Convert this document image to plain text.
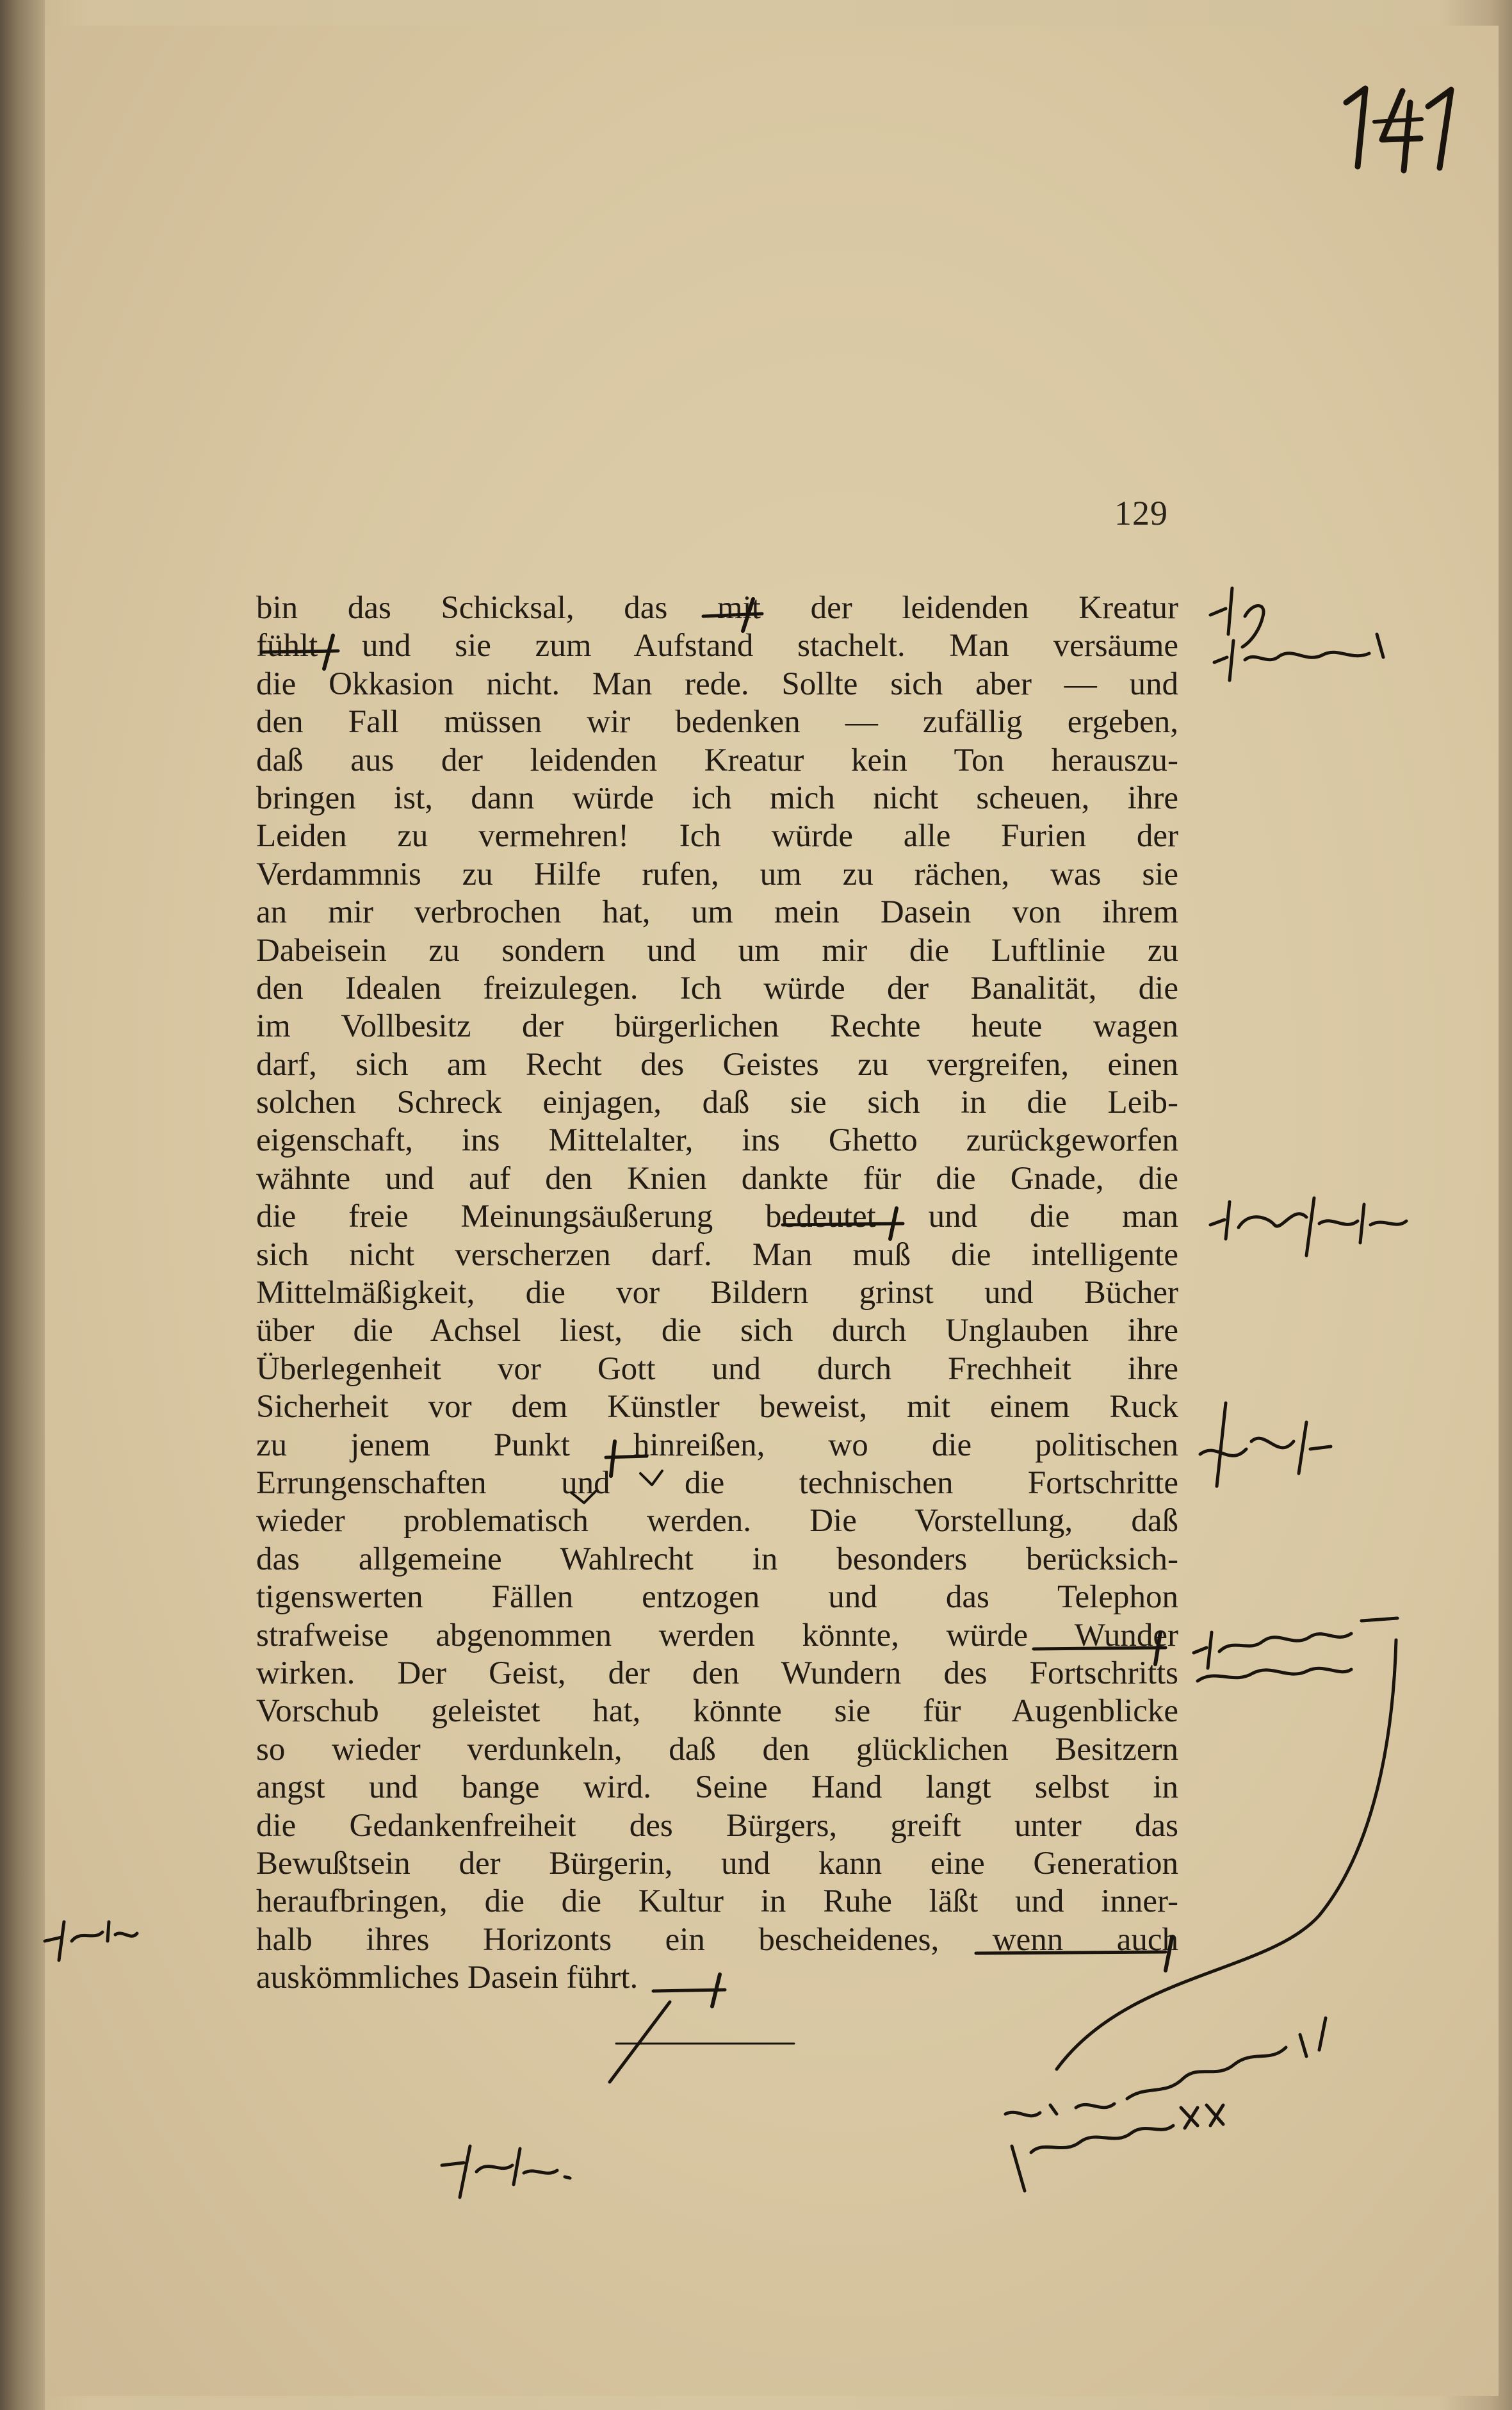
129
bin das Schicksal, das mit der leidenden Kreatur
fühlt und sie zum Aufstand stachelt. Man versäume
die Okkasion nicht. Man rede. Sollte sich aber — und
den Fall müssen wir bedenken — zufällig ergeben,
daß aus der leidenden Kreatur kein Ton herauszu-
bringen ist, dann würde ich mich nicht scheuen, ihre
Leiden zu vermehren! Ich würde alle Furien der
Verdammnis zu Hilfe rufen, um zu rächen, was sie
an mir verbrochen hat, um mein Dasein von ihrem
Dabeisein zu sondern und um mir die Luftlinie zu
den Idealen freizulegen. Ich würde der Banalität, die
im Vollbesitz der bürgerlichen Rechte heute wagen
darf, sich am Recht des Geistes zu vergreifen, einen
solchen Schreck einjagen, daß sie sich in die Leib-
eigenschaft, ins Mittelalter, ins Ghetto zurückgeworfen
wähnte und auf den Knien dankte für die Gnade, die
die freie Meinungsäußerung bedeutet und die man
sich nicht verscherzen darf. Man muß die intelligente
Mittelmäßigkeit, die vor Bildern grinst und Bücher
über die Achsel liest, die sich durch Unglauben ihre
Überlegenheit vor Gott und durch Frechheit ihre
Sicherheit vor dem Künstler beweist, mit einem Ruck
zu jenem Punkt hinreißen, wo die politischen
Errungenschaften und die technischen Fortschritte
wieder problematisch werden. Die Vorstellung, daß
das allgemeine Wahlrecht in besonders berücksich-
tigenswerten Fällen entzogen und das Telephon
strafweise abgenommen werden könnte, würde Wunder
wirken. Der Geist, der den Wundern des Fortschritts
Vorschub geleistet hat, könnte sie für Augenblicke
so wieder verdunkeln, daß den glücklichen Besitzern
angst und bange wird. Seine Hand langt selbst in
die Gedankenfreiheit des Bürgers, greift unter das
Bewußtsein der Bürgerin, und kann eine Generation
heraufbringen, die die Kultur in Ruhe läßt und inner-
halb ihres Horizonts ein bescheidenes, wenn auch
auskömmliches Dasein führt.
